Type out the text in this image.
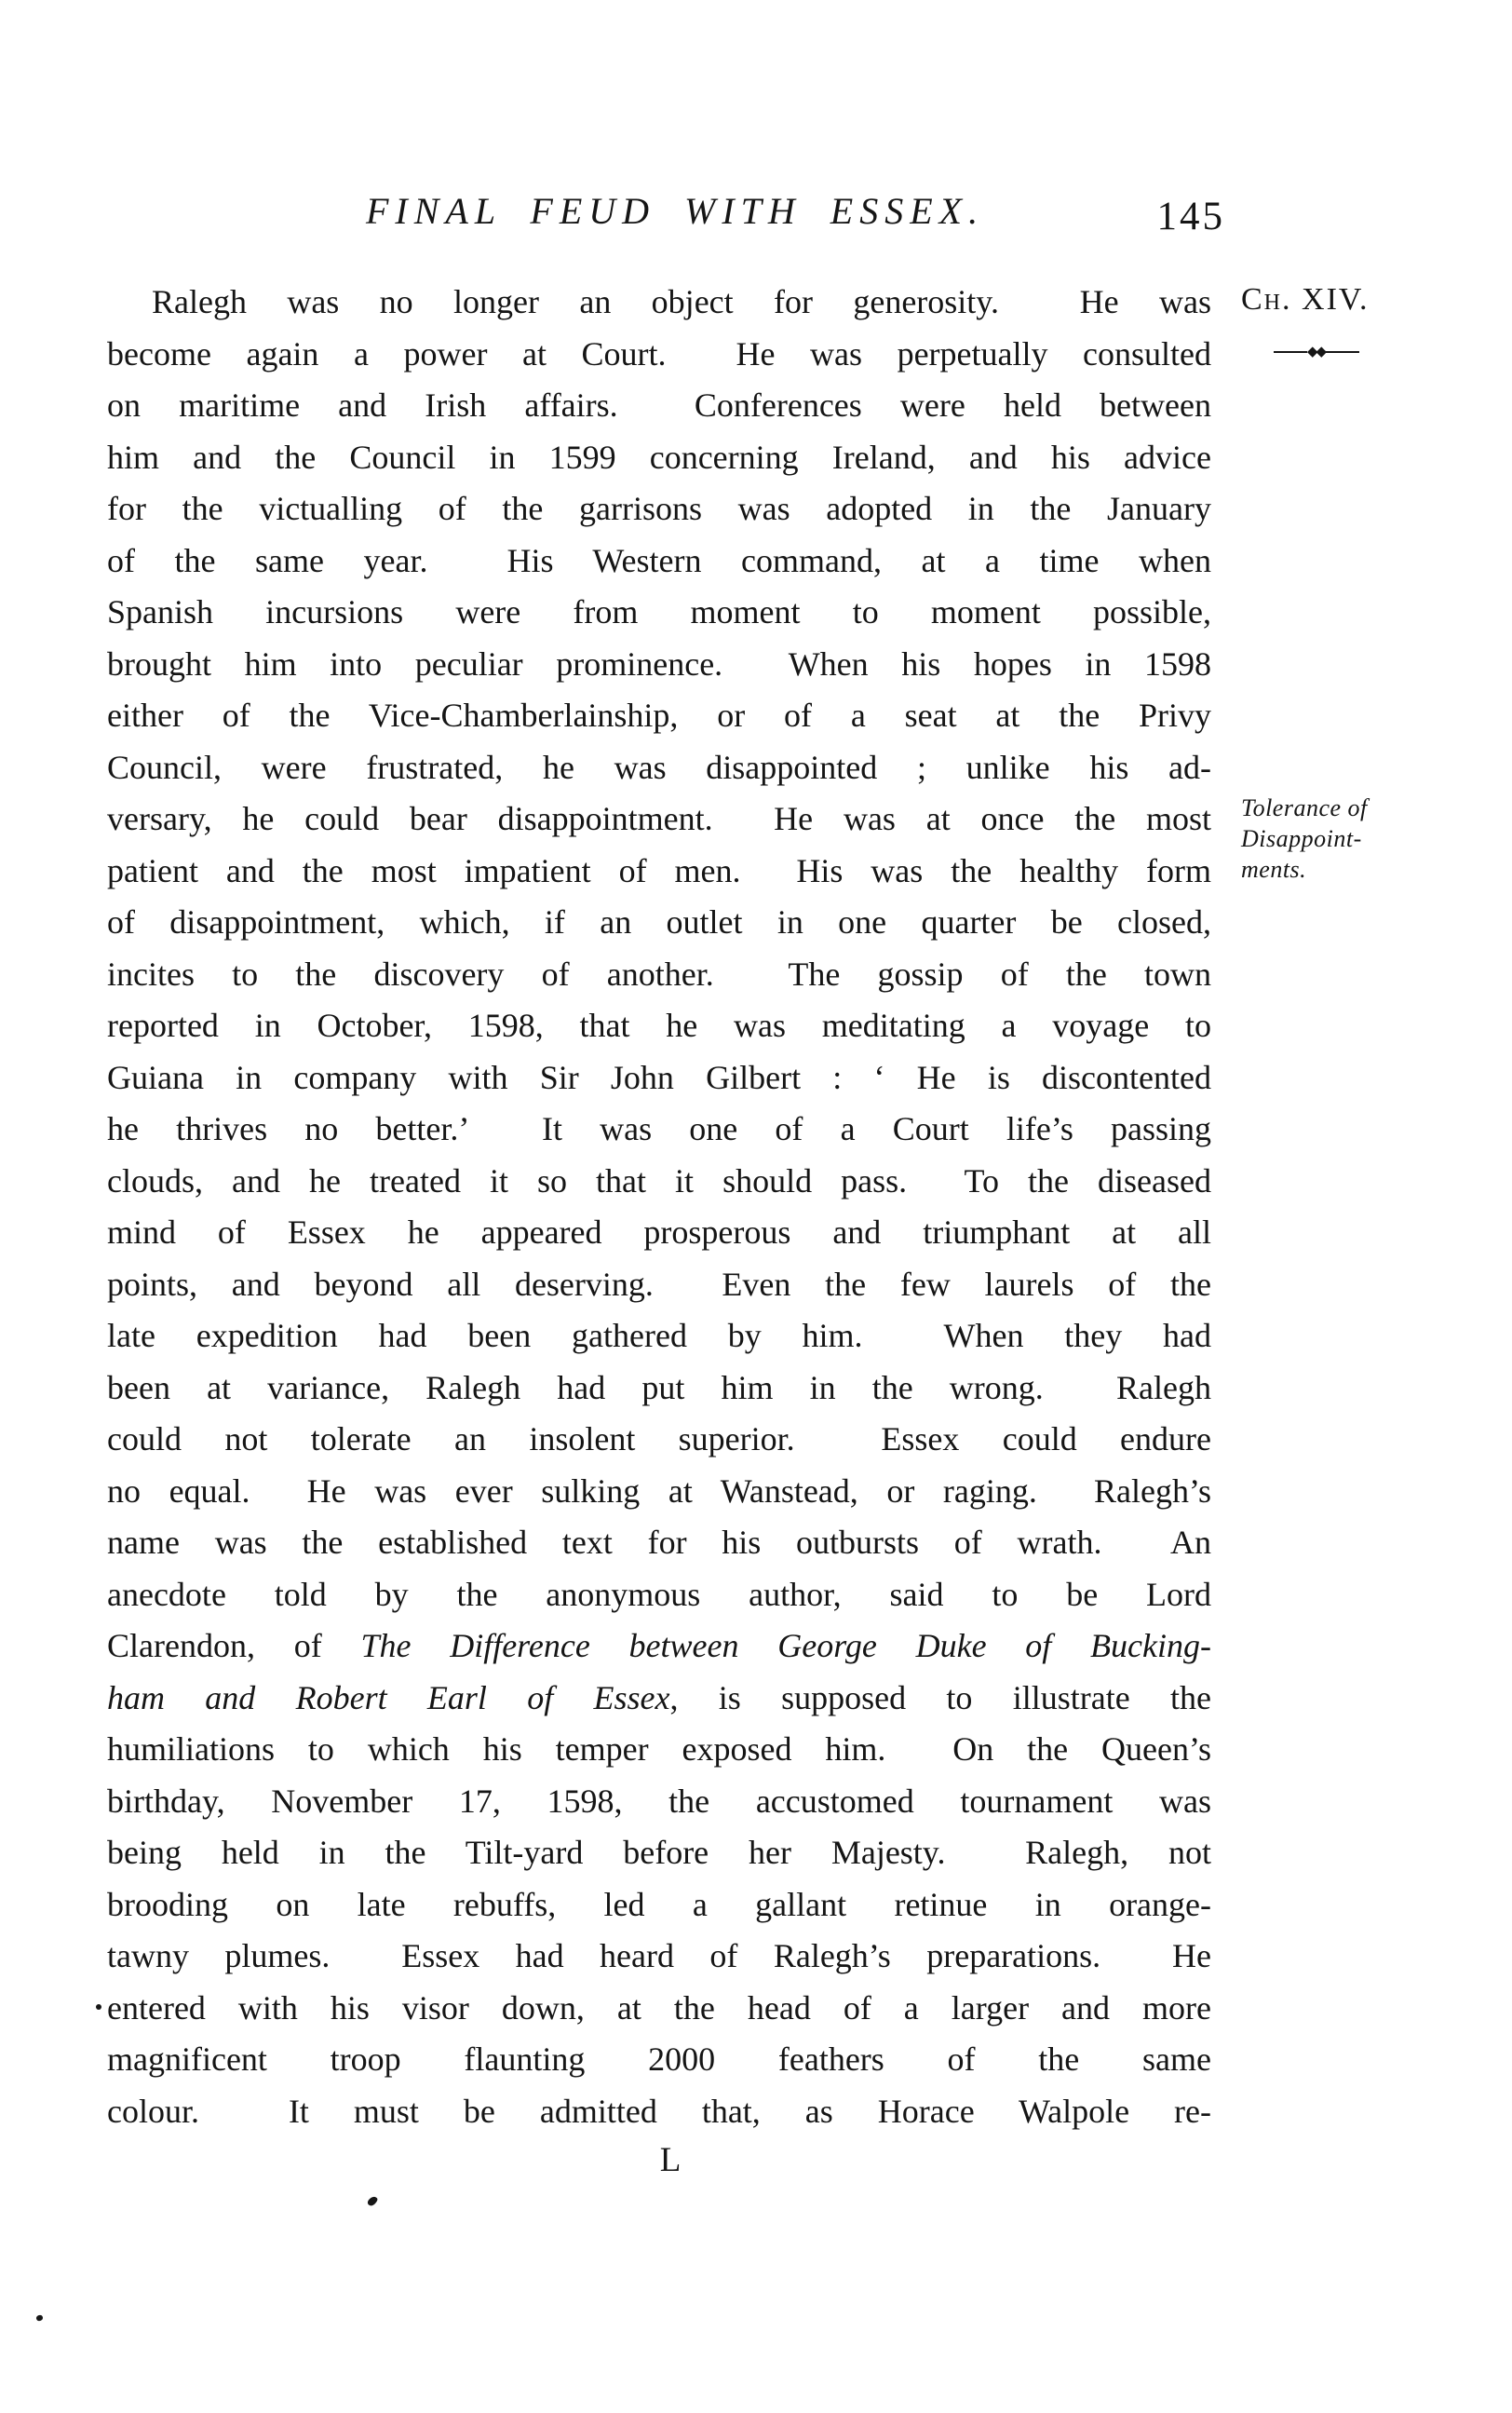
FINAL FEUD WITH ESSEX.	145
Ch. XIV.
◆◆
Tolerance of
Disappoint-
ments.
Ralegh was no longer an object for generosity.  He was
become again a power at Court.  He was perpetually consulted
on maritime and Irish affairs.  Conferences were held between
him and the Council in 1599 concerning Ireland, and his advice
for the victualling of the garrisons was adopted in the January
of the same year.  His Western command, at a time when
Spanish incursions were from moment to moment possible,
brought him into peculiar prominence.  When his hopes in 1598
either of the Vice-Chamberlainship, or of a seat at the Privy
Council, were frustrated, he was disappointed ; unlike his ad-
versary, he could bear disappointment.  He was at once the most
patient and the most impatient of men.  His was the healthy form
of disappointment, which, if an outlet in one quarter be closed,
incites to the discovery of another.  The gossip of the town
reported in October, 1598, that he was meditating a voyage to
Guiana in company with Sir John Gilbert : ‘ He is discontented
he thrives no better.’  It was one of a Court life’s passing
clouds, and he treated it so that it should pass.  To the diseased
mind of Essex he appeared prosperous and triumphant at all
points, and beyond all deserving.  Even the few laurels of the
late expedition had been gathered by him.  When they had
been at variance, Ralegh had put him in the wrong.  Ralegh
could not tolerate an insolent superior.  Essex could endure
no equal.  He was ever sulking at Wanstead, or raging.  Ralegh’s
name was the established text for his outbursts of wrath.  An
anecdote told by the anonymous author, said to be Lord
Clarendon, of The Difference between George Duke of Bucking-
ham and Robert Earl of Essex, is supposed to illustrate the
humiliations to which his temper exposed him.  On the Queen’s
birthday, November 17, 1598, the accustomed tournament was
being held in the Tilt-yard before her Majesty.  Ralegh, not
brooding on late rebuffs, led a gallant retinue in orange-
tawny plumes.  Essex had heard of Ralegh’s preparations.  He
entered with his visor down, at the head of a larger and more
magnificent troop flaunting 2000 feathers of the same
colour.  It must be admitted that, as Horace Walpole re-
L
